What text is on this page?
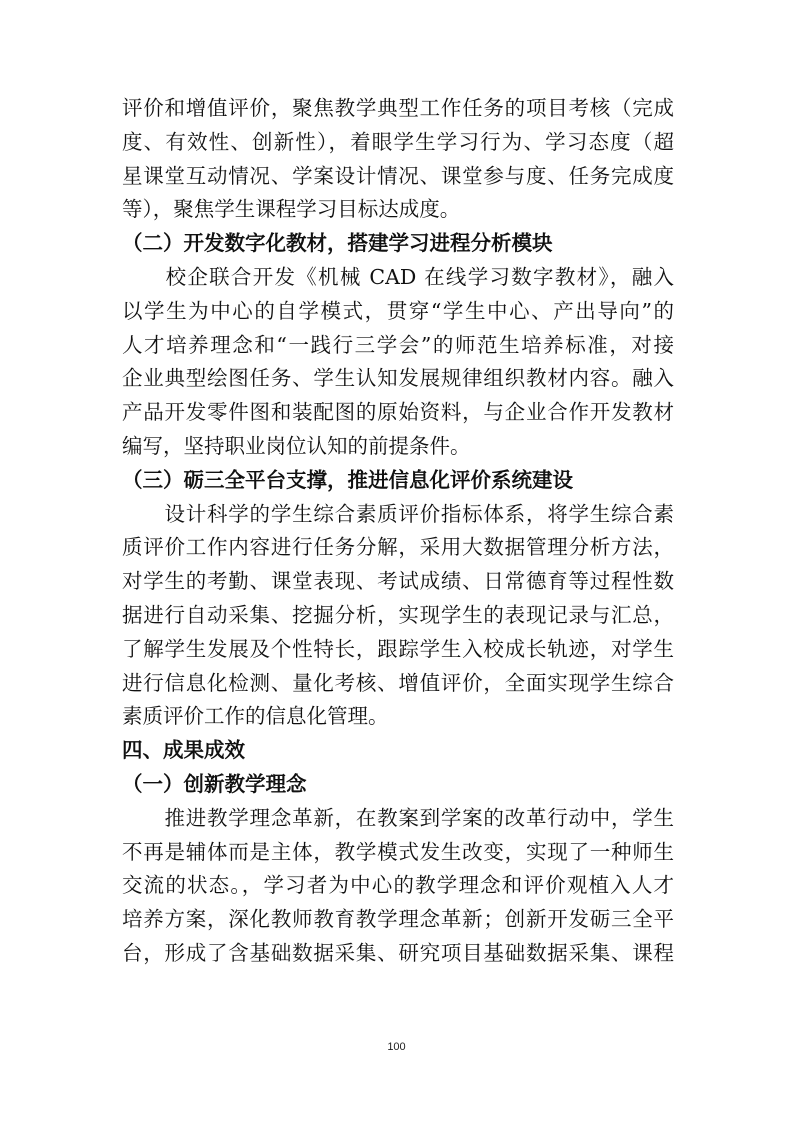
评价和增值评价，聚焦教学典型工作任务的项目考核（完成
度、有效性、创新性），着眼学生学习行为、学习态度（超
星课堂互动情况、学案设计情况、课堂参与度、任务完成度
等），聚焦学生课程学习目标达成度。
（二）开发数字化教材，搭建学习进程分析模块
　　校企联合开发《机械 CAD 在线学习数字教材》，融入
以学生为中心的自学模式，贯穿“学生中心、产出导向”的
人才培养理念和“一践行三学会”的师范生培养标准，对接
企业典型绘图任务、学生认知发展规律组织教材内容。融入
产品开发零件图和装配图的原始资料，与企业合作开发教材
编写，坚持职业岗位认知的前提条件。
（三）砺三全平台支撑，推进信息化评价系统建设
　　设计科学的学生综合素质评价指标体系，将学生综合素
质评价工作内容进行任务分解，采用大数据管理分析方法，
对学生的考勤、课堂表现、考试成绩、日常德育等过程性数
据进行自动采集、挖掘分析，实现学生的表现记录与汇总，
了解学生发展及个性特长，跟踪学生入校成长轨迹，对学生
进行信息化检测、量化考核、增值评价，全面实现学生综合
素质评价工作的信息化管理。
四、成果成效
（一）创新教学理念
　　推进教学理念革新，在教案到学案的改革行动中，学生
不再是辅体而是主体，教学模式发生改变，实现了一种师生
交流的状态。，学习者为中心的教学理念和评价观植入人才
培养方案，深化教师教育教学理念革新；创新开发砺三全平
台，形成了含基础数据采集、研究项目基础数据采集、课程
100
